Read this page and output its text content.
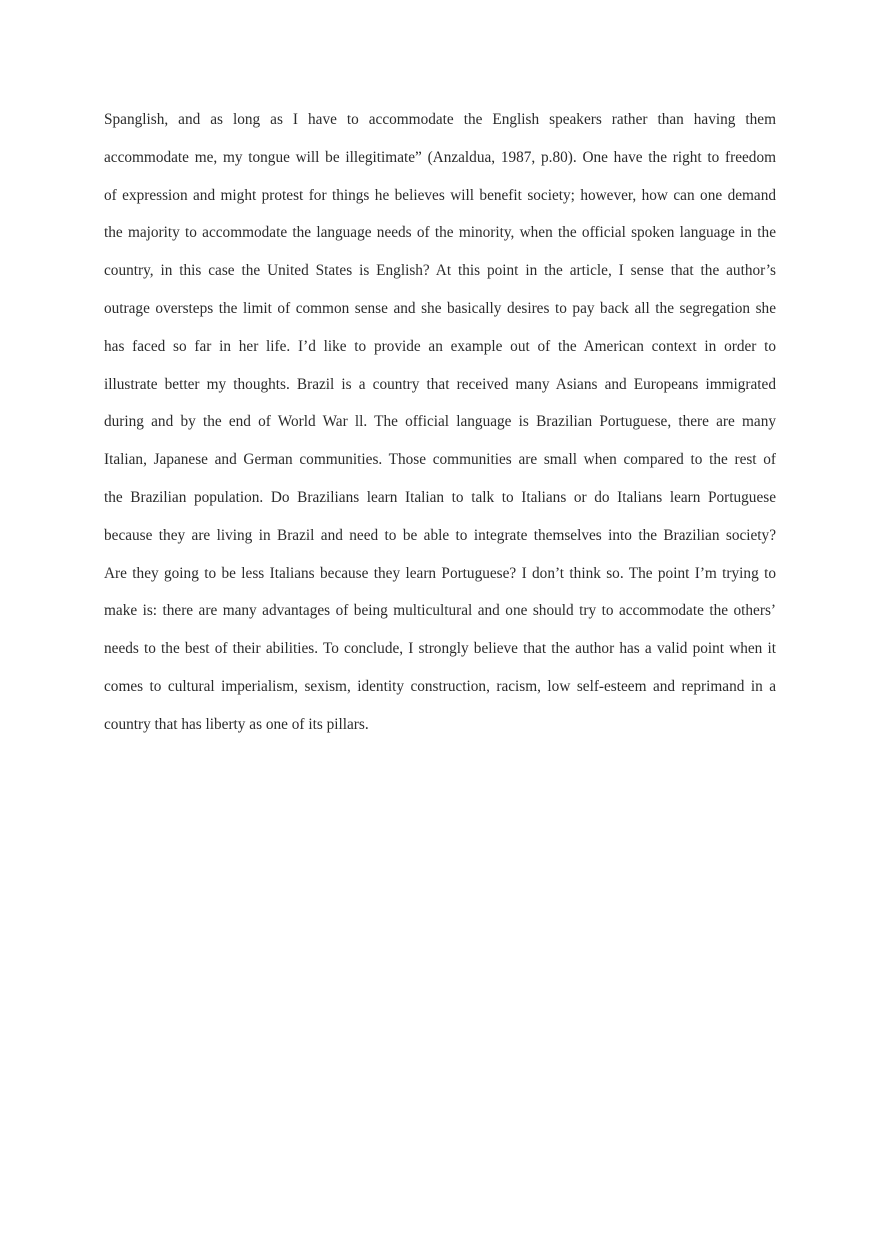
Spanglish, and as long as I have to accommodate the English speakers rather than having them
accommodate me, my tongue will be illegitimate” (Anzaldua, 1987, p.80). One have the right to freedom
of expression and might protest for things he believes will benefit society; however, how can one demand
the majority to accommodate the language needs of the minority, when the official spoken language in the
country, in this case the United States is English? At this point in the article, I sense that the author’s
outrage oversteps the limit of common sense and she basically desires to pay back all the segregation she
has faced so far in her life. I’d like to provide an example out of the American context in order to
illustrate better my thoughts. Brazil is a country that received many Asians and Europeans immigrated
during and by the end of World War ll. The official language is Brazilian Portuguese, there are many
Italian, Japanese and German communities. Those communities are small when compared to the rest of
the Brazilian population. Do Brazilians learn Italian to talk to Italians or do Italians learn Portuguese
because they are living in Brazil and need to be able to integrate themselves into the Brazilian society?
Are they going to be less Italians because they learn Portuguese? I don’t think so. The point I’m trying to
make is: there are many advantages of being multicultural and one should try to accommodate the others’
needs to the best of their abilities. To conclude, I strongly believe that the author has a valid point when it
comes to cultural imperialism, sexism, identity construction, racism, low self-esteem and reprimand in a
country that has liberty as one of its pillars.
